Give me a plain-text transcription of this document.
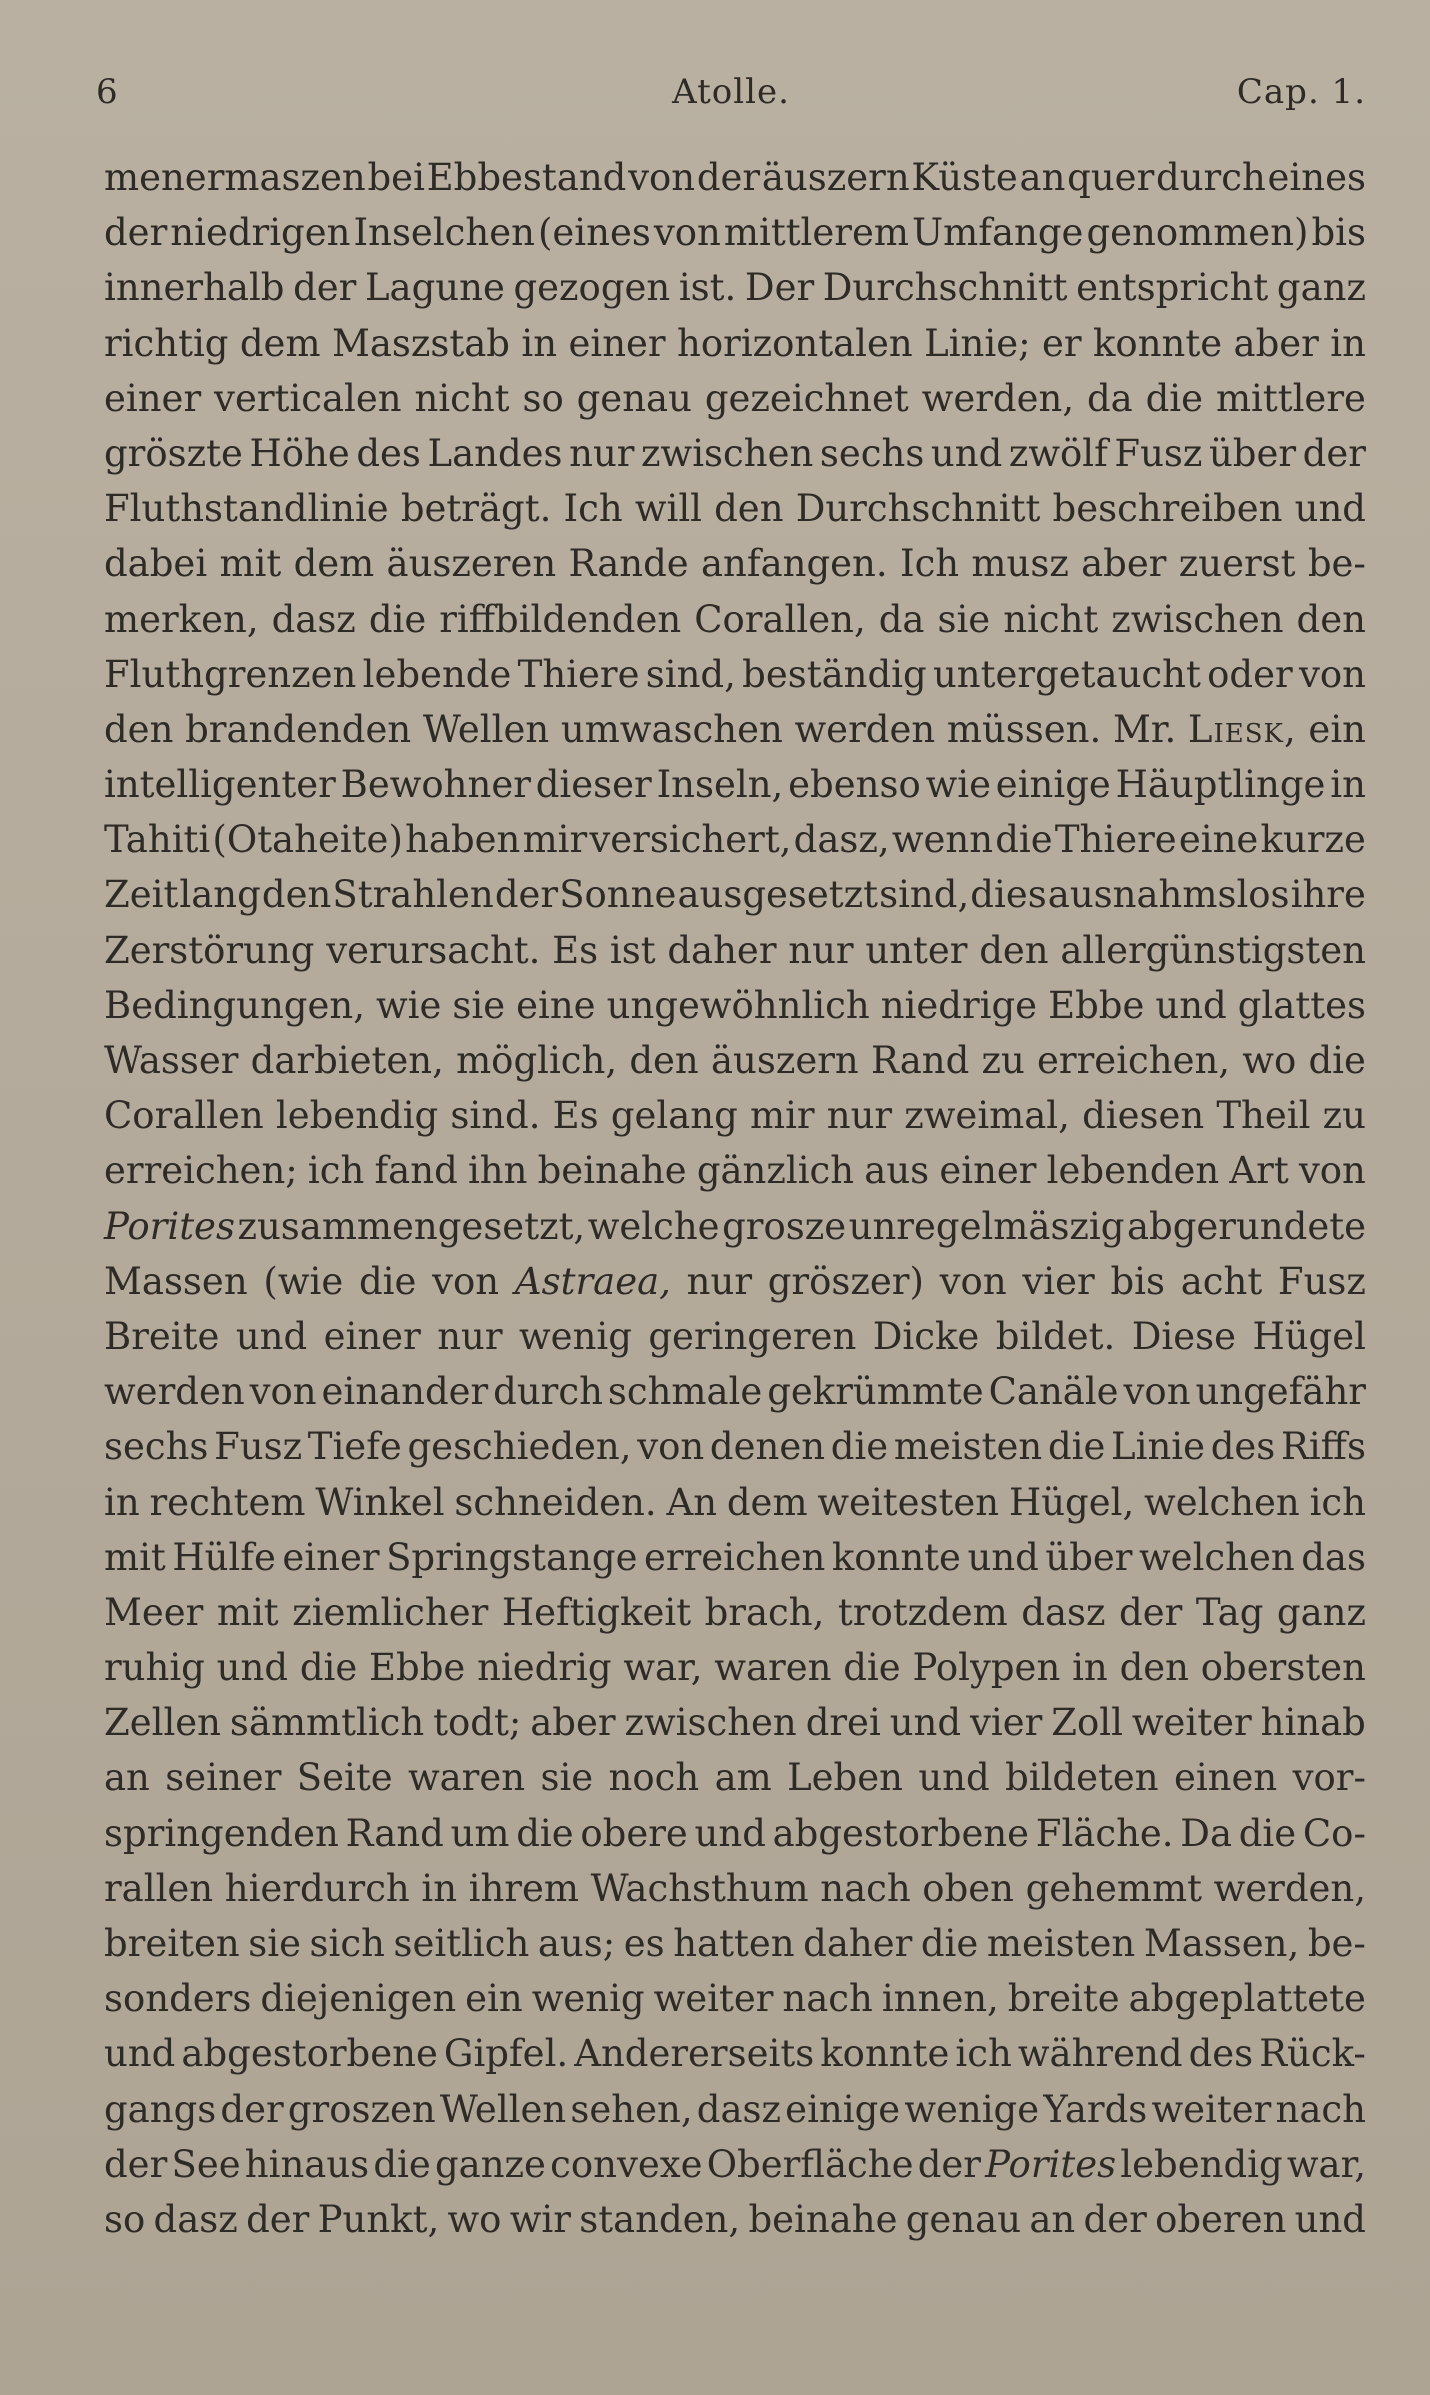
6	Atolle.	Cap. 1.
menermaszen bei Ebbestand von der äuszern Küste an quer durch eines
der niedrigen Inselchen (eines von mittlerem Umfange genommen) bis
innerhalb der Lagune gezogen ist. Der Durchschnitt entspricht ganz
richtig dem Maszstab in einer horizontalen Linie; er konnte aber in
einer verticalen nicht so genau gezeichnet werden, da die mittlere
gröszte Höhe des Landes nur zwischen sechs und zwölf Fusz über der
Fluthstandlinie beträgt. Ich will den Durchschnitt beschreiben und
dabei mit dem äuszeren Rande anfangen. Ich musz aber zuerst be-
merken, dasz die riffbildenden Corallen, da sie nicht zwischen den
Fluthgrenzen lebende Thiere sind, beständig untergetaucht oder von
den brandenden Wellen umwaschen werden müssen. Mr. Liesk, ein
intelligenter Bewohner dieser Inseln, ebenso wie einige Häuptlinge in
Tahiti (Otaheite) haben mir versichert, dasz, wenn die Thiere eine kurze
Zeit lang den Strahlen der Sonne ausgesetzt sind, dies ausnahmslos ihre
Zerstörung verursacht. Es ist daher nur unter den allergünstigsten
Bedingungen, wie sie eine ungewöhnlich niedrige Ebbe und glattes
Wasser darbieten, möglich, den äuszern Rand zu erreichen, wo die
Corallen lebendig sind. Es gelang mir nur zweimal, diesen Theil zu
erreichen; ich fand ihn beinahe gänzlich aus einer lebenden Art von
Porites zusammengesetzt, welche grosze unregelmäszig abgerundete
Massen (wie die von Astraea, nur gröszer) von vier bis acht Fusz
Breite und einer nur wenig geringeren Dicke bildet. Diese Hügel
werden von einander durch schmale gekrümmte Canäle von ungefähr
sechs Fusz Tiefe geschieden, von denen die meisten die Linie des Riffs
in rechtem Winkel schneiden. An dem weitesten Hügel, welchen ich
mit Hülfe einer Springstange erreichen konnte und über welchen das
Meer mit ziemlicher Heftigkeit brach, trotzdem dasz der Tag ganz
ruhig und die Ebbe niedrig war, waren die Polypen in den obersten
Zellen sämmtlich todt; aber zwischen drei und vier Zoll weiter hinab
an seiner Seite waren sie noch am Leben und bildeten einen vor-
springenden Rand um die obere und abgestorbene Fläche. Da die Co-
rallen hierdurch in ihrem Wachsthum nach oben gehemmt werden,
breiten sie sich seitlich aus; es hatten daher die meisten Massen, be-
sonders diejenigen ein wenig weiter nach innen, breite abgeplattete
und abgestorbene Gipfel. Andererseits konnte ich während des Rück-
gangs der groszen Wellen sehen, dasz einige wenige Yards weiter nach
der See hinaus die ganze convexe Oberfläche der Porites lebendig war,
so dasz der Punkt, wo wir standen, beinahe genau an der oberen und
